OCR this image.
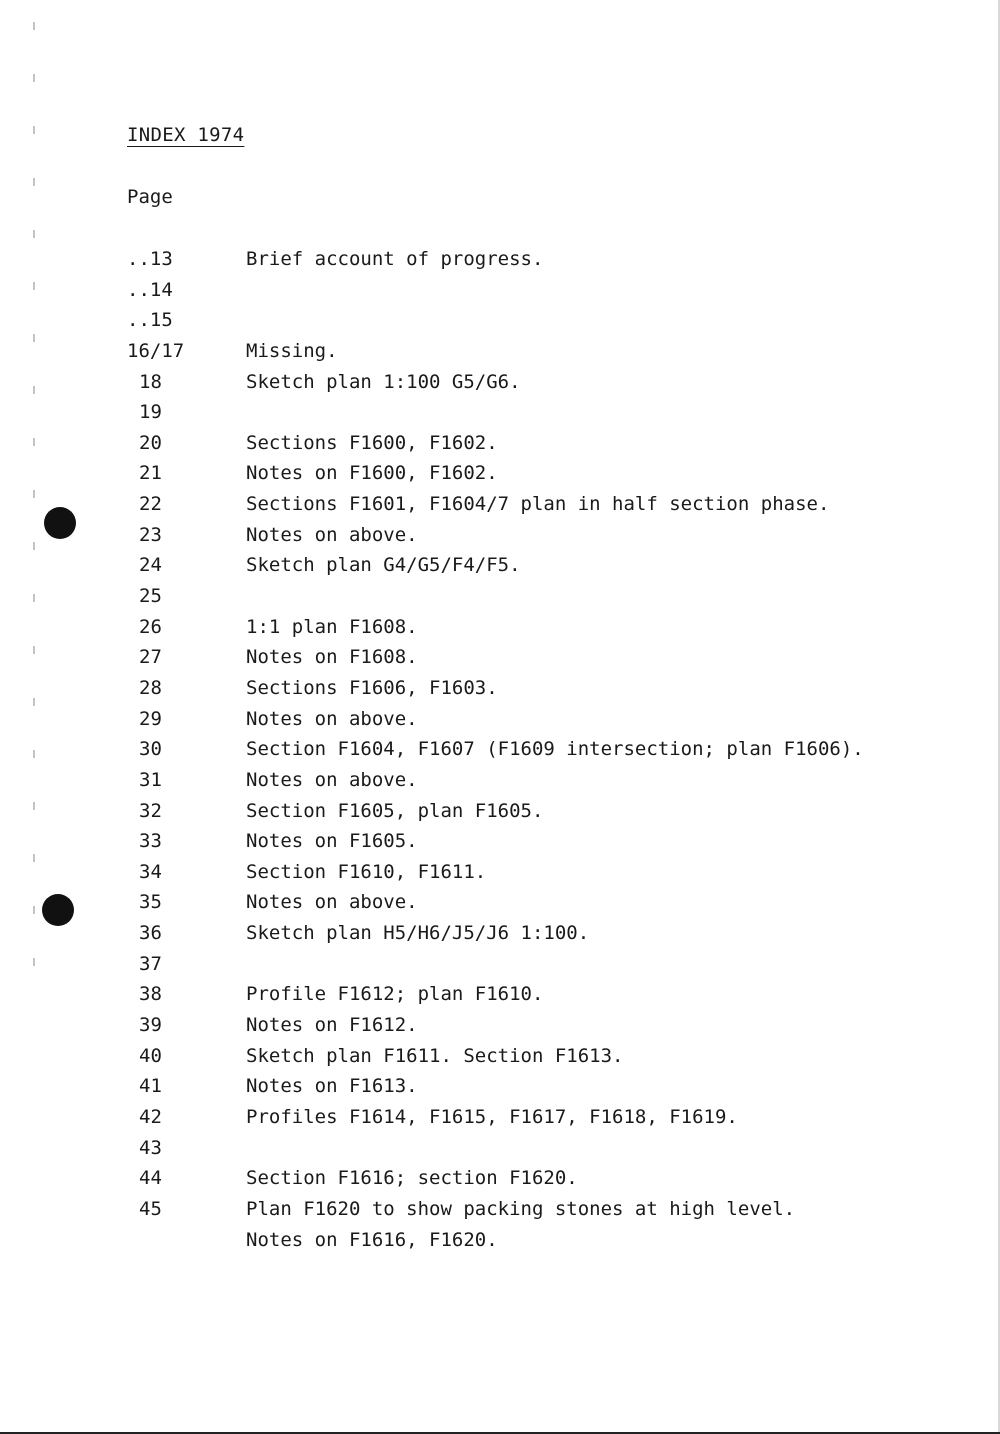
INDEX 1974
Page
..13	Brief account of progress.
..14
..15
16/17	Missing.
18	Sketch plan 1:100 G5/G6.
19
20	Sections F1600, F1602.
21	Notes on F1600, F1602.
22	Sections F1601, F1604/7 plan in half section phase.
23	Notes on above.
24	Sketch plan G4/G5/F4/F5.
25
26	1:1 plan F1608.
27	Notes on F1608.
28	Sections F1606, F1603.
29	Notes on above.
30	Section F1604, F1607 (F1609 intersection; plan F1606).
31	Notes on above.
32	Section F1605, plan F1605.
33	Notes on F1605.
34	Section F1610, F1611.
35	Notes on above.
36	Sketch plan H5/H6/J5/J6 1:100.
37
38	Profile F1612; plan F1610.
39	Notes on F1612.
40	Sketch plan F1611. Section F1613.
41	Notes on F1613.
42	Profiles F1614, F1615, F1617, F1618, F1619.
43
44	Section F1616; section F1620.
45	Plan F1620 to show packing stones at high level.
Notes on F1616, F1620.
